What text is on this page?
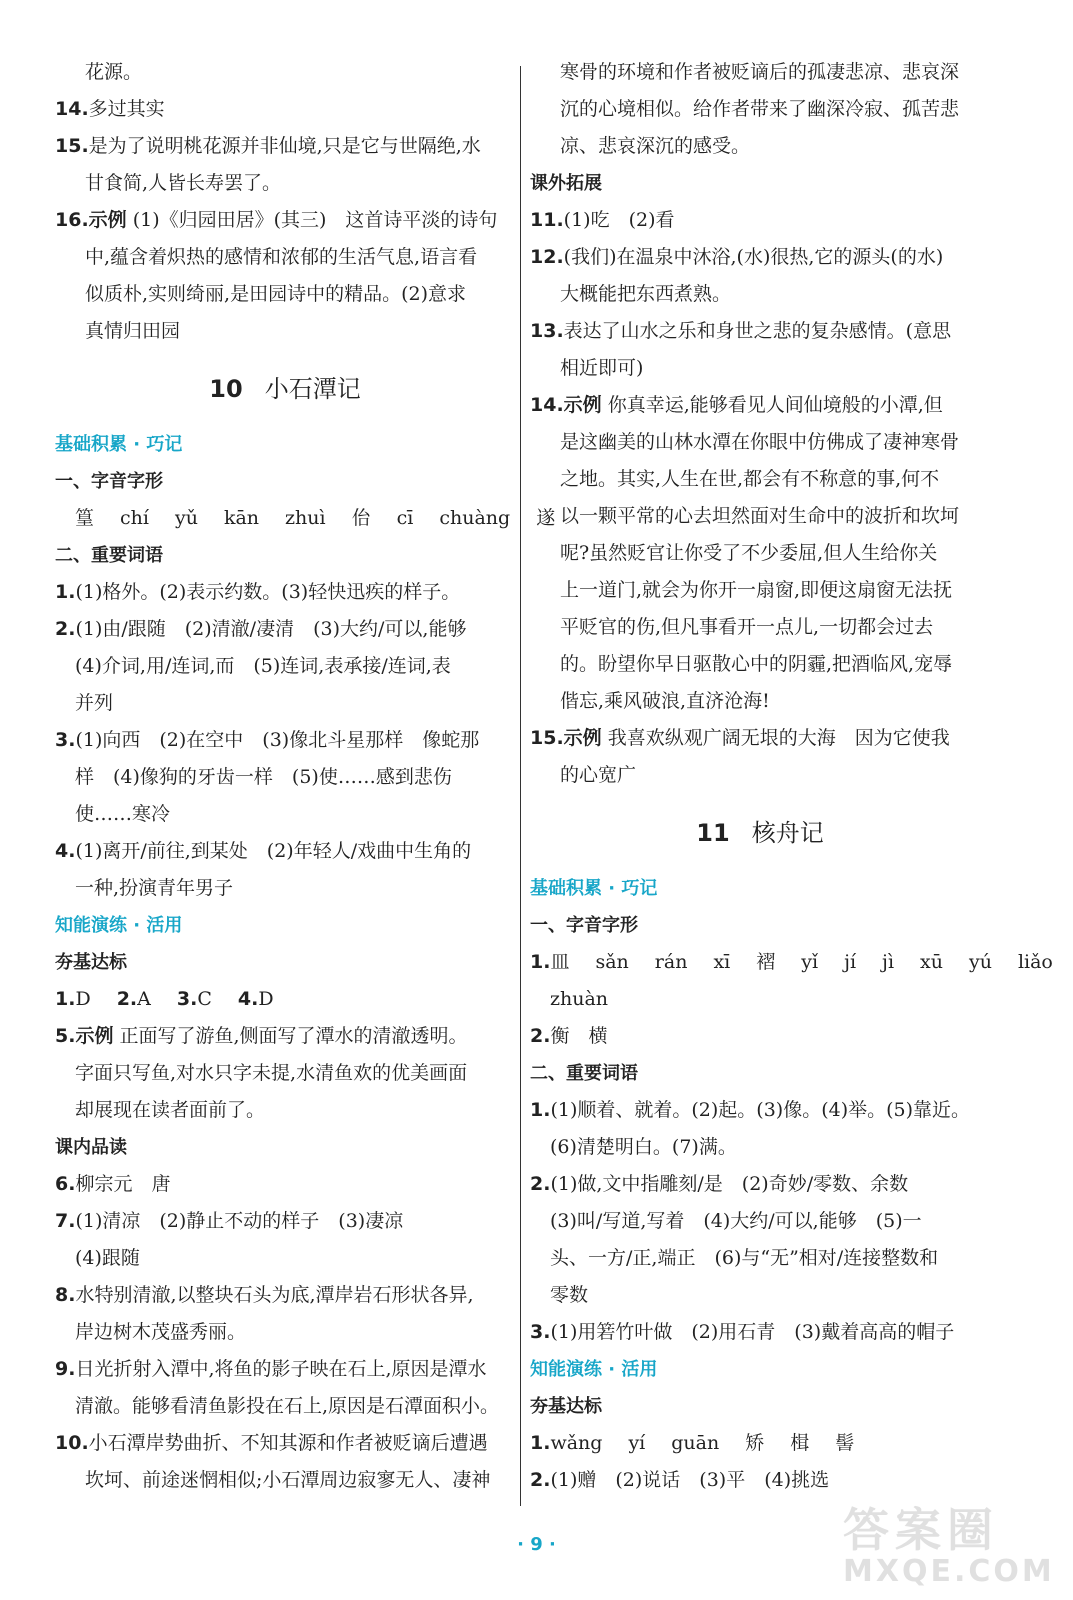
花源。
14.多过其实
15.是为了说明桃花源并非仙境,只是它与世隔绝,水
甘食简,人皆长寿罢了。
16.示例 (1)《归园田居》(其三)　这首诗平淡的诗句
中,蕴含着炽热的感情和浓郁的生活气息,语言看
似质朴,实则绮丽,是田园诗中的精品。(2)意求
真情归田园
10 小石潭记
基础积累 · 巧记
一、字音字形
篁 chí yǔ kān zhuì 佁 cī chuàng 遂
二、重要词语
1.(1)格外。(2)表示约数。(3)轻快迅疾的样子。
2.(1)由/跟随　(2)清澈/凄清　(3)大约/可以,能够
(4)介词,用/连词,而　(5)连词,表承接/连词,表
并列
3.(1)向西　(2)在空中　(3)像北斗星那样　像蛇那
样　(4)像狗的牙齿一样　(5)使……感到悲伤
使……寒冷
4.(1)离开/前往,到某处　(2)年轻人/戏曲中生角的
一种,扮演青年男子
知能演练 · 活用
夯基达标
1.D 2.A 3.C 4.D
5.示例 正面写了游鱼,侧面写了潭水的清澈透明。
字面只写鱼,对水只字未提,水清鱼欢的优美画面
却展现在读者面前了。
课内品读
6.柳宗元　唐
7.(1)清凉　(2)静止不动的样子　(3)凄凉
(4)跟随
8.水特别清澈,以整块石头为底,潭岸岩石形状各异,
岸边树木茂盛秀丽。
9.日光折射入潭中,将鱼的影子映在石上,原因是潭水
清澈。能够看清鱼影投在石上,原因是石潭面积小。
10.小石潭岸势曲折、不知其源和作者被贬谪后遭遇
坎坷、前途迷惘相似;小石潭周边寂寥无人、凄神
寒骨的环境和作者被贬谪后的孤凄悲凉、悲哀深
沉的心境相似。给作者带来了幽深冷寂、孤苦悲
凉、悲哀深沉的感受。
课外拓展
11.(1)吃　(2)看
12.(我们)在温泉中沐浴,(水)很热,它的源头(的水)
大概能把东西煮熟。
13.表达了山水之乐和身世之悲的复杂感情。(意思
相近即可)
14.示例 你真幸运,能够看见人间仙境般的小潭,但
是这幽美的山林水潭在你眼中仿佛成了凄神寒骨
之地。其实,人生在世,都会有不称意的事,何不
以一颗平常的心去坦然面对生命中的波折和坎坷
呢?虽然贬官让你受了不少委屈,但人生给你关
上一道门,就会为你开一扇窗,即便这扇窗无法抚
平贬官的伤,但凡事看开一点儿,一切都会过去
的。盼望你早日驱散心中的阴霾,把酒临风,宠辱
偕忘,乘风破浪,直济沧海!
15.示例 我喜欢纵观广阔无垠的大海　因为它使我
的心宽广
11 核舟记
基础积累 · 巧记
一、字音字形
1.皿 sǎn rán xī 褶 yǐ jí jì xū yú liǎo
zhuàn
2.衡　横
二、重要词语
1.(1)顺着、就着。(2)起。(3)像。(4)举。(5)靠近。
(6)清楚明白。(7)满。
2.(1)做,文中指雕刻/是　(2)奇妙/零数、余数
(3)叫/写道,写着　(4)大约/可以,能够　(5)一
头、一方/正,端正　(6)与“无”相对/连接整数和
零数
3.(1)用箬竹叶做　(2)用石青　(3)戴着高高的帽子
知能演练 · 活用
夯基达标
1.wǎng yí guān 矫 楫 髻
2.(1)赠　(2)说话　(3)平　(4)挑选
· 9 ·	答案圈
MXQE.COM
